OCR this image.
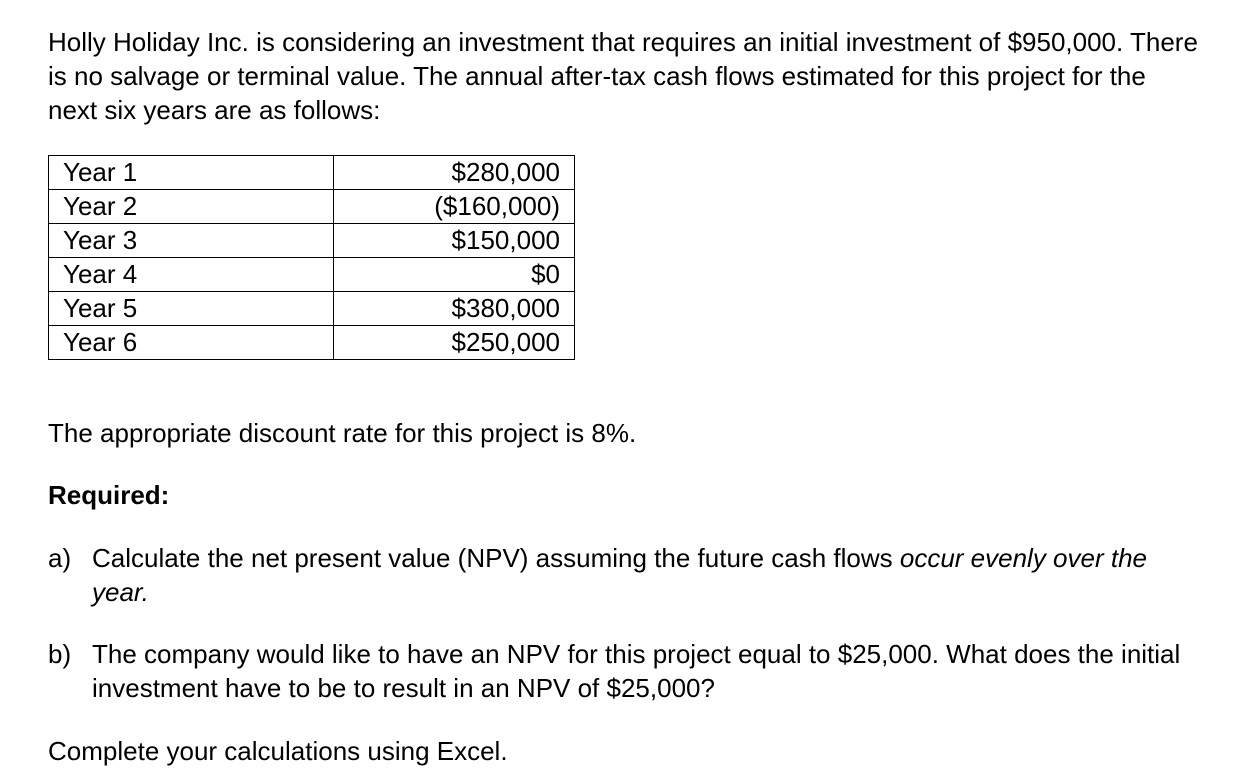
Holly Holiday Inc. is considering an investment that requires an initial investment of $950,000. There is no salvage or terminal value. The annual after-tax cash flows estimated for this project for the next six years are as follows:

Year 1	$280,000
Year 2	($160,000)
Year 3	$150,000
Year 4	$0
Year 5	$380,000
Year 6	$250,000

The appropriate discount rate for this project is 8%.

Required:

a) Calculate the net present value (NPV) assuming the future cash flows occur evenly over the year.
b) The company would like to have an NPV for this project equal to $25,000. What does the initial investment have to be to result in an NPV of $25,000?

Complete your calculations using Excel.
